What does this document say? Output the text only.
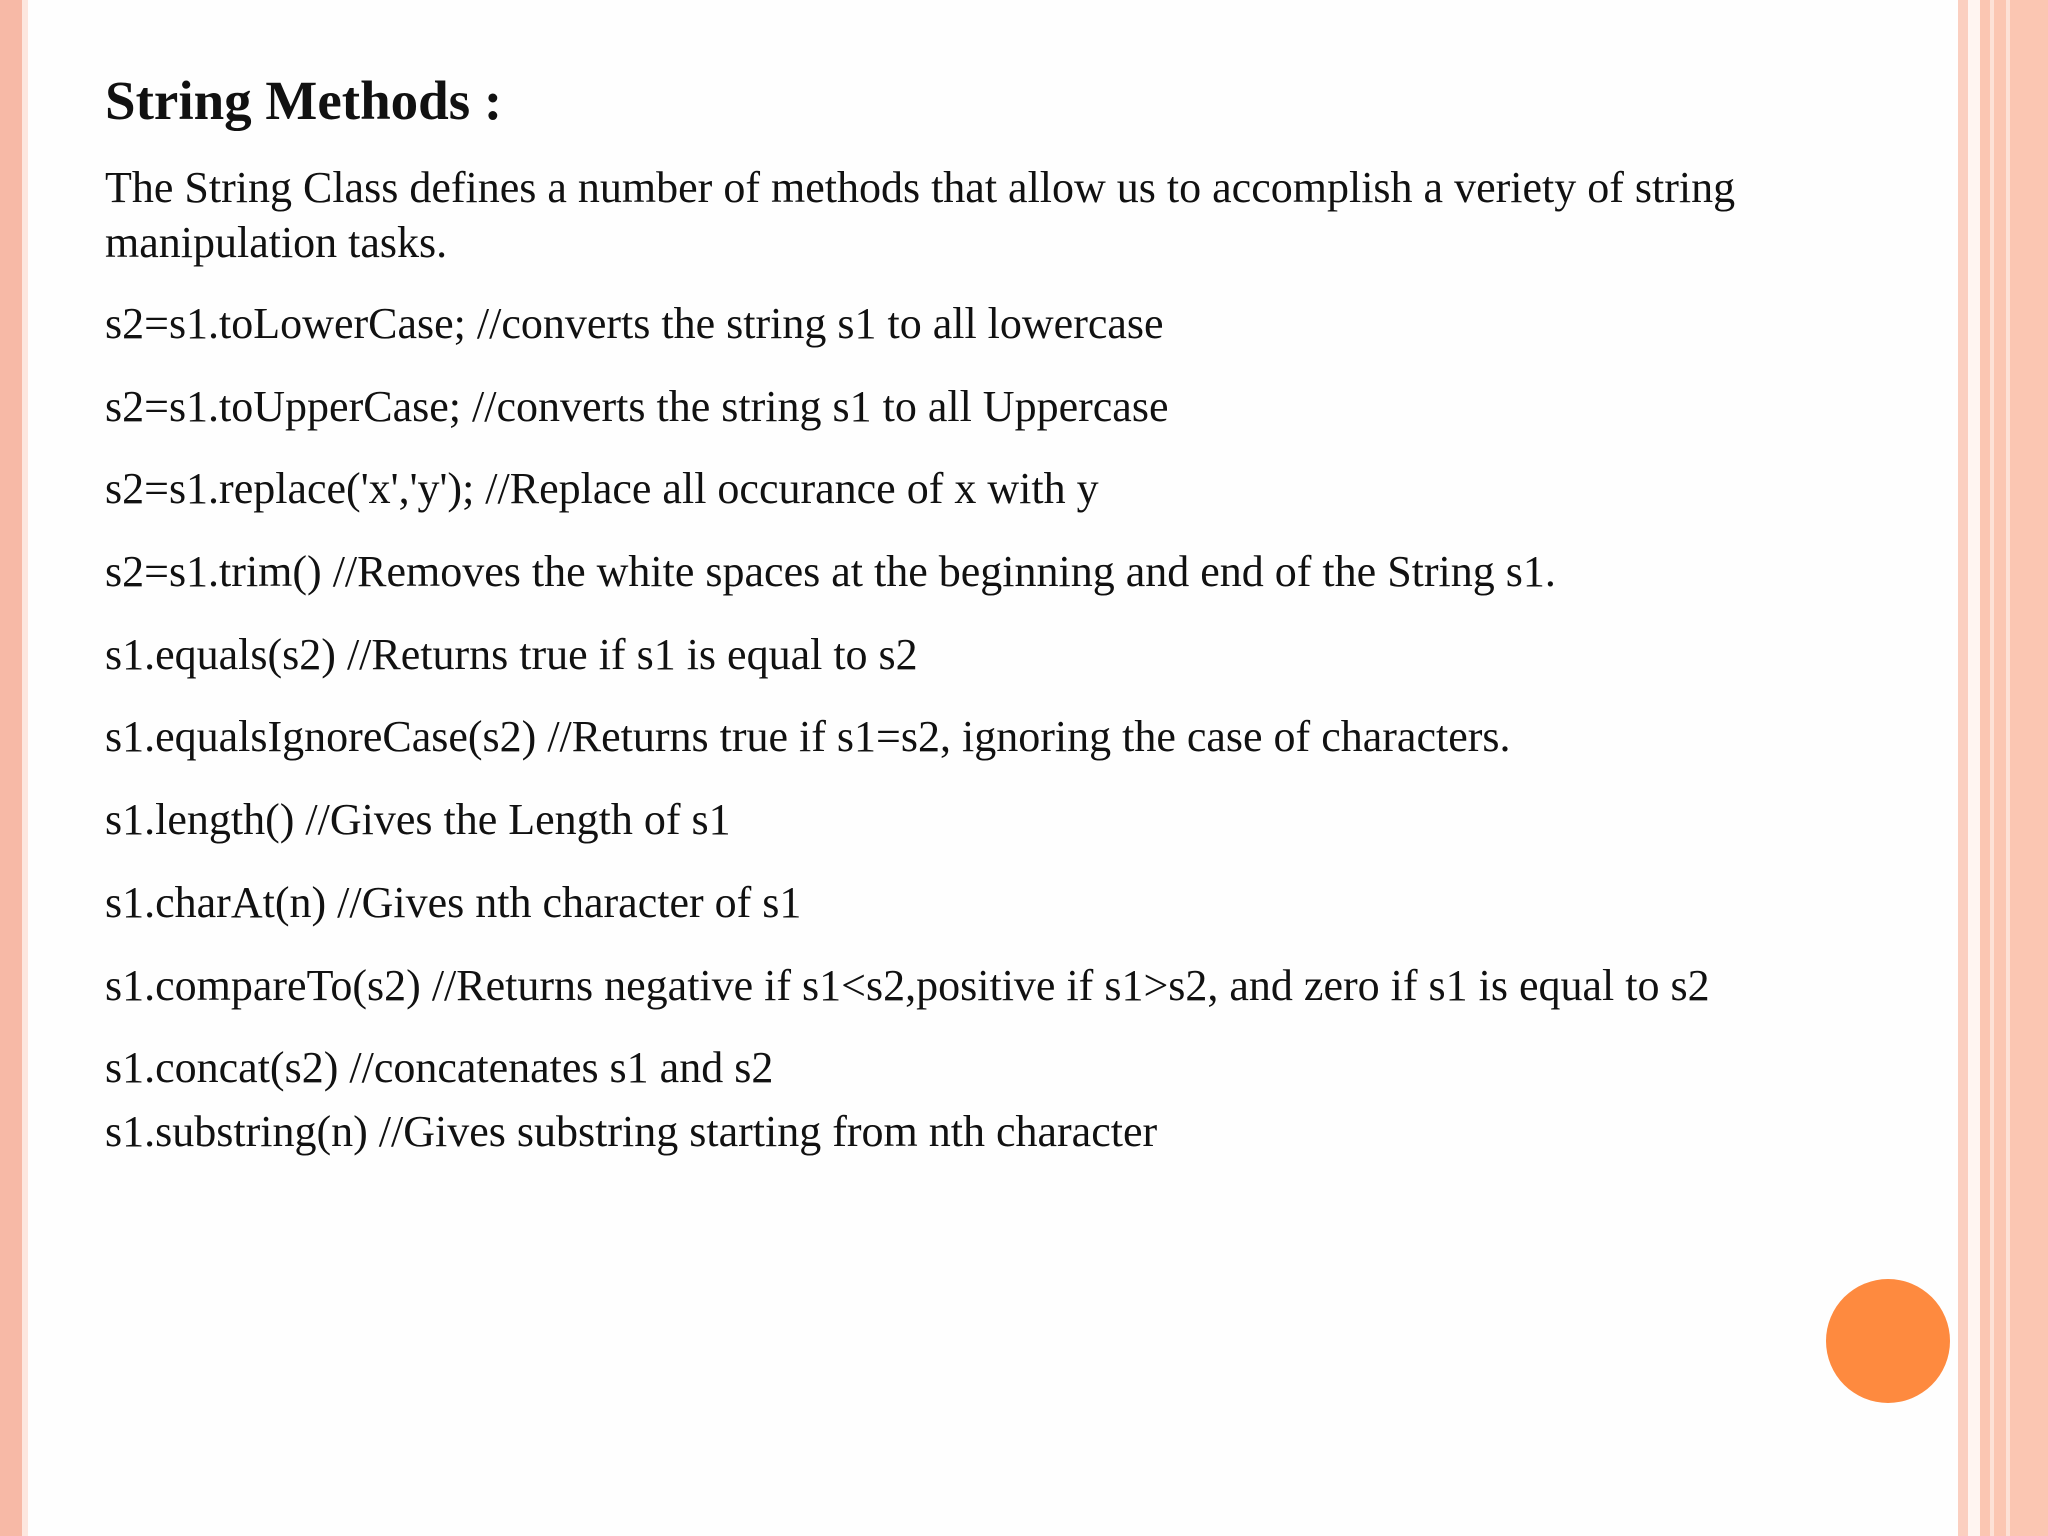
String Methods :

The String Class defines a number of methods that allow us to accomplish a veriety of string manipulation tasks.

s2=s1.toLowerCase; //converts the string s1 to all lowercase
s2=s1.toUpperCase; //converts the string s1 to all Uppercase
s2=s1.replace('x','y'); //Replace all occurance of x with y
s2=s1.trim() //Removes the white spaces at the beginning and end of the String s1.
s1.equals(s2) //Returns true if s1 is equal to s2
s1.equalsIgnoreCase(s2) //Returns true if s1=s2, ignoring the case of characters.
s1.length() //Gives the Length of s1
s1.charAt(n) //Gives nth character of s1
s1.compareTo(s2) //Returns negative if s1<s2,positive if s1>s2, and zero if s1 is equal to s2
s1.concat(s2) //concatenates s1 and s2
s1.substring(n) //Gives substring starting from nth character
